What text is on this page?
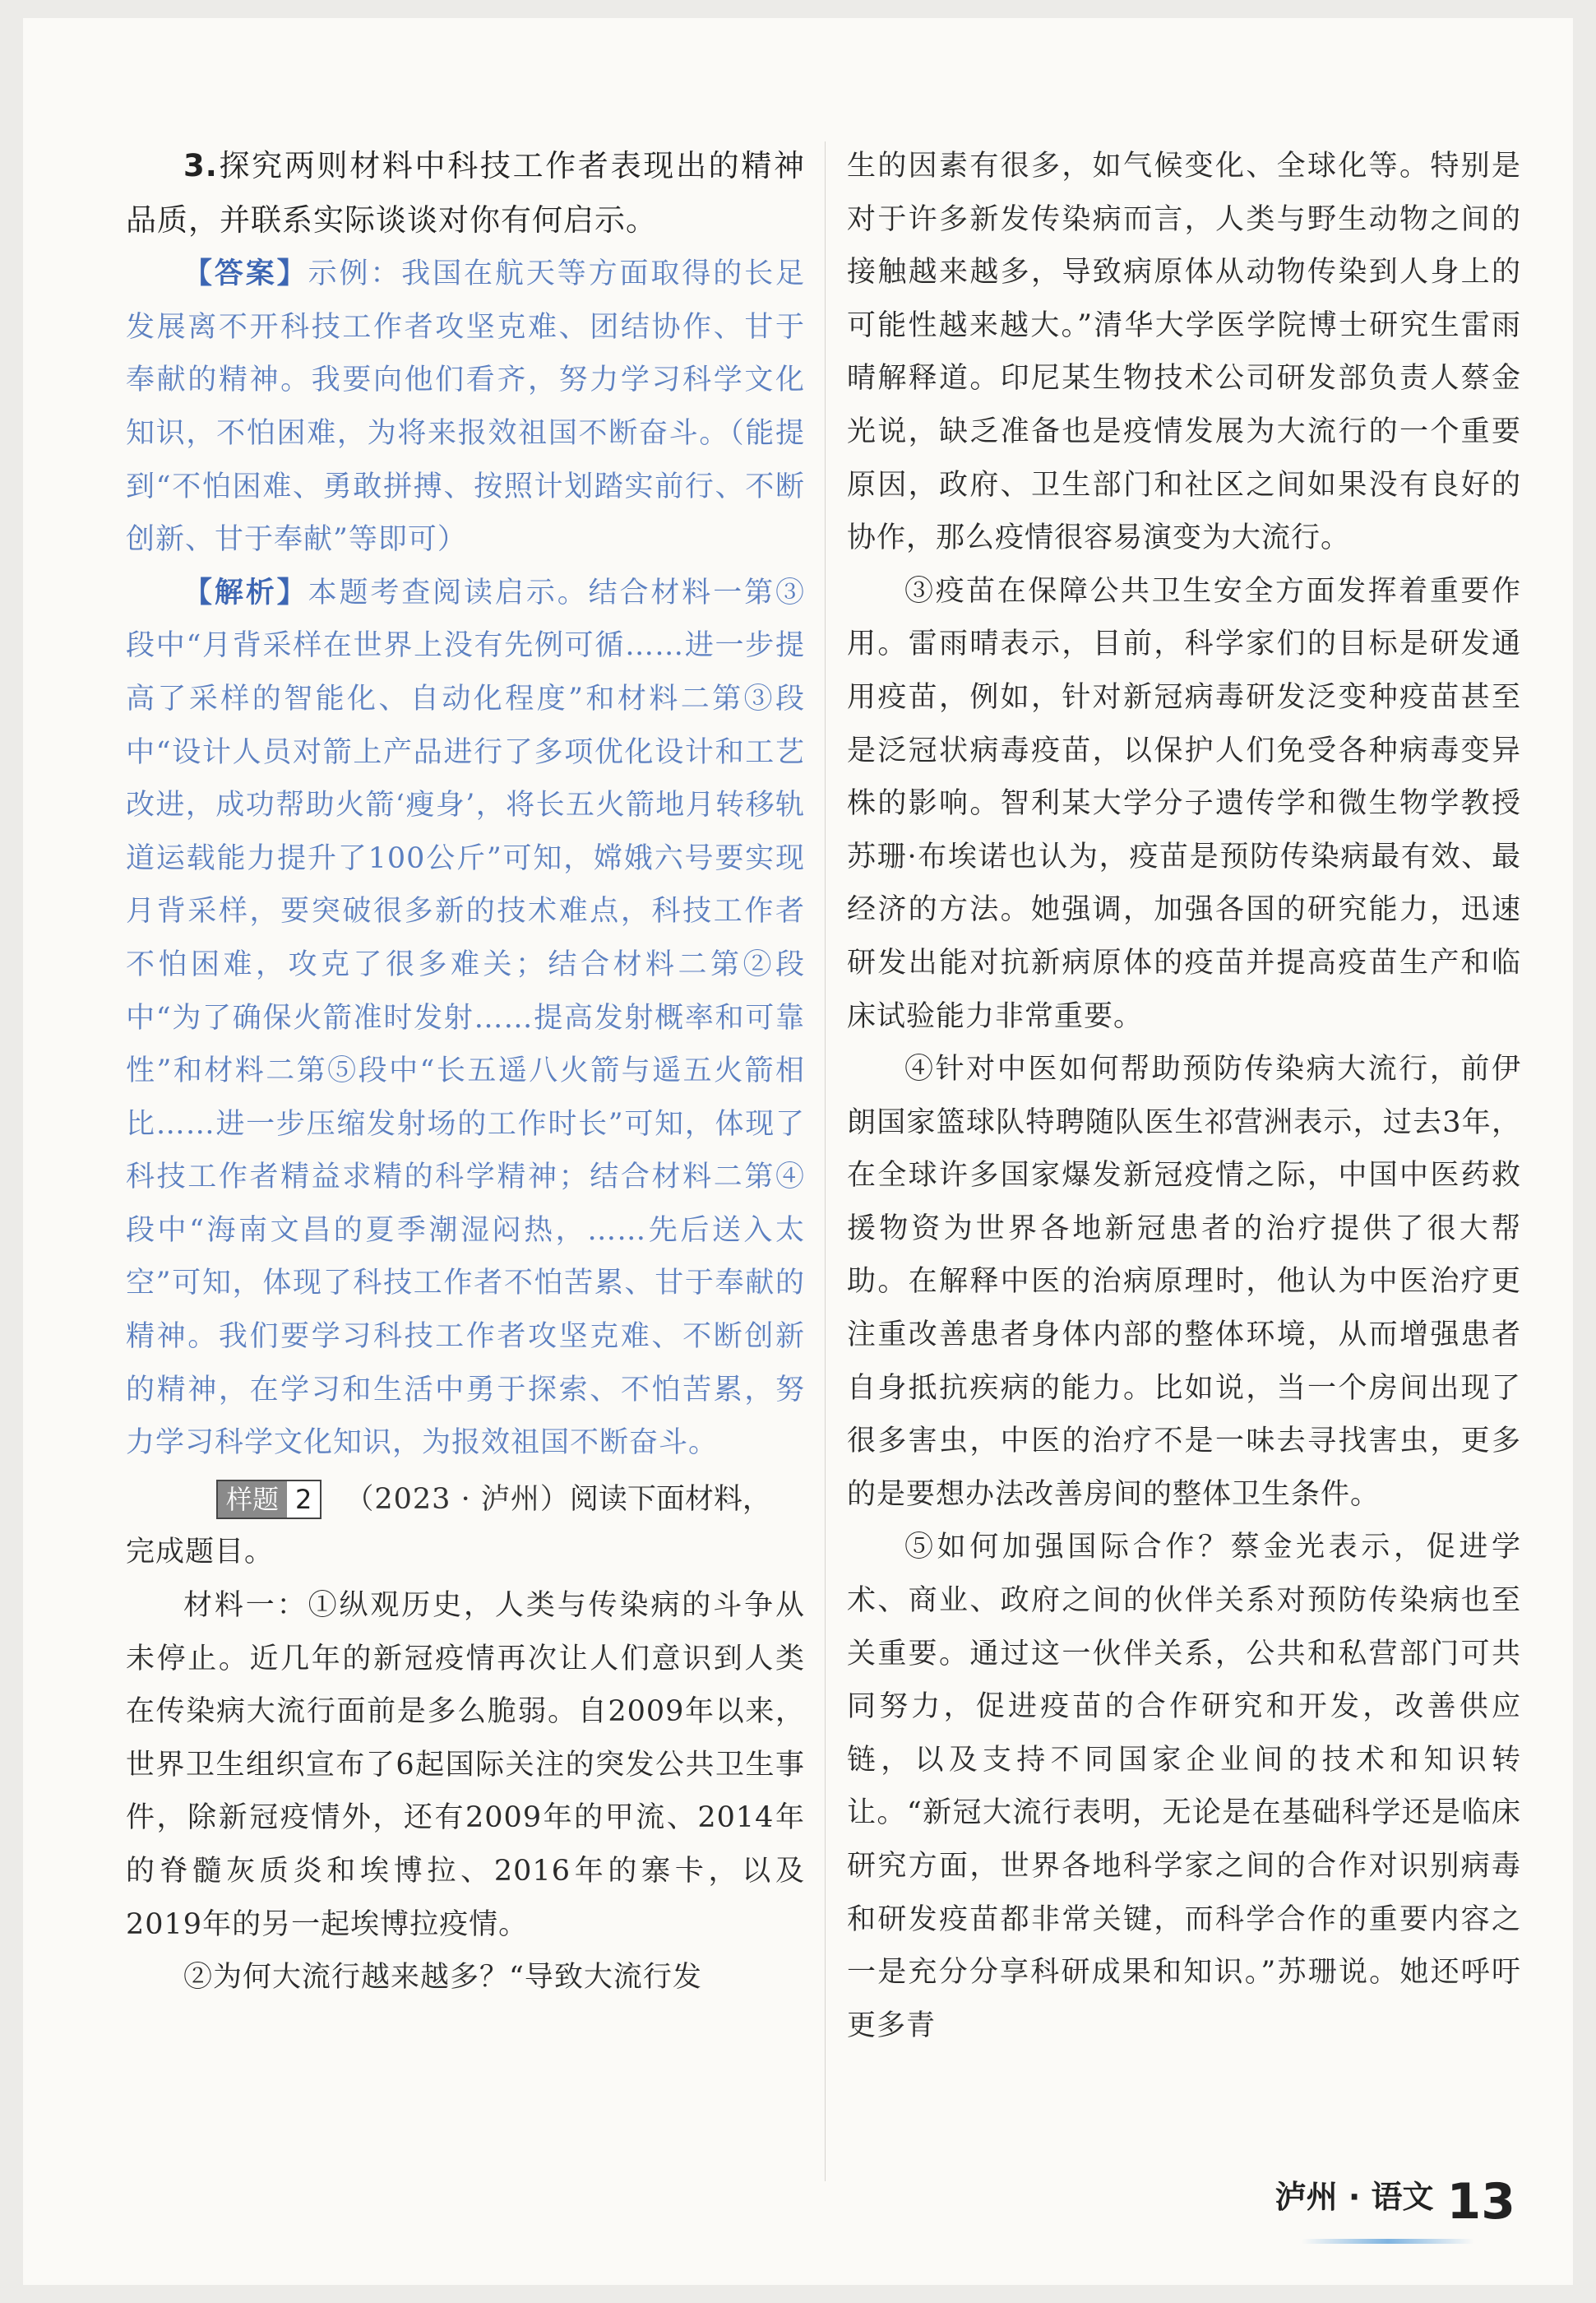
3.探究两则材料中科技工作者表现出的精神品质，并联系实际谈谈对你有何启示。

【答案】示例：我国在航天等方面取得的长足发展离不开科技工作者攻坚克难、团结协作、甘于奉献的精神。我要向他们看齐，努力学习科学文化知识，不怕困难，为将来报效祖国不断奋斗。（能提到“不怕困难、勇敢拼搏、按照计划踏实前行、不断创新、甘于奉献”等即可）

【解析】本题考查阅读启示。结合材料一第③段中“月背采样在世界上没有先例可循……进一步提高了采样的智能化、自动化程度”和材料二第③段中“设计人员对箭上产品进行了多项优化设计和工艺改进，成功帮助火箭‘瘦身’，将长五火箭地月转移轨道运载能力提升了100公斤”可知，嫦娥六号要实现月背采样，要突破很多新的技术难点，科技工作者不怕困难，攻克了很多难关；结合材料二第②段中“为了确保火箭准时发射……提高发射概率和可靠性”和材料二第⑤段中“长五遥八火箭与遥五火箭相比……进一步压缩发射场的工作时长”可知，体现了科技工作者精益求精的科学精神；结合材料二第④段中“海南文昌的夏季潮湿闷热，……先后送入太空”可知，体现了科技工作者不怕苦累、甘于奉献的精神。我们要学习科技工作者攻坚克难、不断创新的精神，在学习和生活中勇于探索、不怕苦累，努力学习科学文化知识，为报效祖国不断奋斗。

样题 2 （2023 · 泸州） 阅读下面材料，

完成题目。

材料一：①纵观历史，人类与传染病的斗争从未停止。近几年的新冠疫情再次让人们意识到人类在传染病大流行面前是多么脆弱。自2009年以来，世界卫生组织宣布了6起国际关注的突发公共卫生事件，除新冠疫情外，还有2009年的甲流、2014年的脊髓灰质炎和埃博拉、2016年的寨卡，以及2019年的另一起埃博拉疫情。

②为何大流行越来越多？“导致大流行发

生的因素有很多，如气候变化、全球化等。特别是对于许多新发传染病而言，人类与野生动物之间的接触越来越多，导致病原体从动物传染到人身上的可能性越来越大。”清华大学医学院博士研究生雷雨晴解释道。印尼某生物技术公司研发部负责人蔡金光说，缺乏准备也是疫情发展为大流行的一个重要原因，政府、卫生部门和社区之间如果没有良好的协作，那么疫情很容易演变为大流行。

③疫苗在保障公共卫生安全方面发挥着重要作用。雷雨晴表示，目前，科学家们的目标是研发通用疫苗，例如，针对新冠病毒研发泛变种疫苗甚至是泛冠状病毒疫苗，以保护人们免受各种病毒变异株的影响。智利某大学分子遗传学和微生物学教授苏珊·布埃诺也认为，疫苗是预防传染病最有效、最经济的方法。她强调，加强各国的研究能力，迅速研发出能对抗新病原体的疫苗并提高疫苗生产和临床试验能力非常重要。

④针对中医如何帮助预防传染病大流行，前伊朗国家篮球队特聘随队医生祁营洲表示，过去3年，在全球许多国家爆发新冠疫情之际，中国中医药救援物资为世界各地新冠患者的治疗提供了很大帮助。在解释中医的治病原理时，他认为中医治疗更注重改善患者身体内部的整体环境，从而增强患者自身抵抗疾病的能力。比如说，当一个房间出现了很多害虫，中医的治疗不是一味去寻找害虫，更多的是要想办法改善房间的整体卫生条件。

⑤如何加强国际合作？蔡金光表示，促进学术、商业、政府之间的伙伴关系对预防传染病也至关重要。通过这一伙伴关系，公共和私营部门可共同努力，促进疫苗的合作研究和开发，改善供应链，以及支持不同国家企业间的技术和知识转让。“新冠大流行表明，无论是在基础科学还是临床研究方面，世界各地科学家之间的合作对识别病毒和研发疫苗都非常关键，而科学合作的重要内容之一是充分分享科研成果和知识。”苏珊说。她还呼吁更多青

泸州 · 语文 13
